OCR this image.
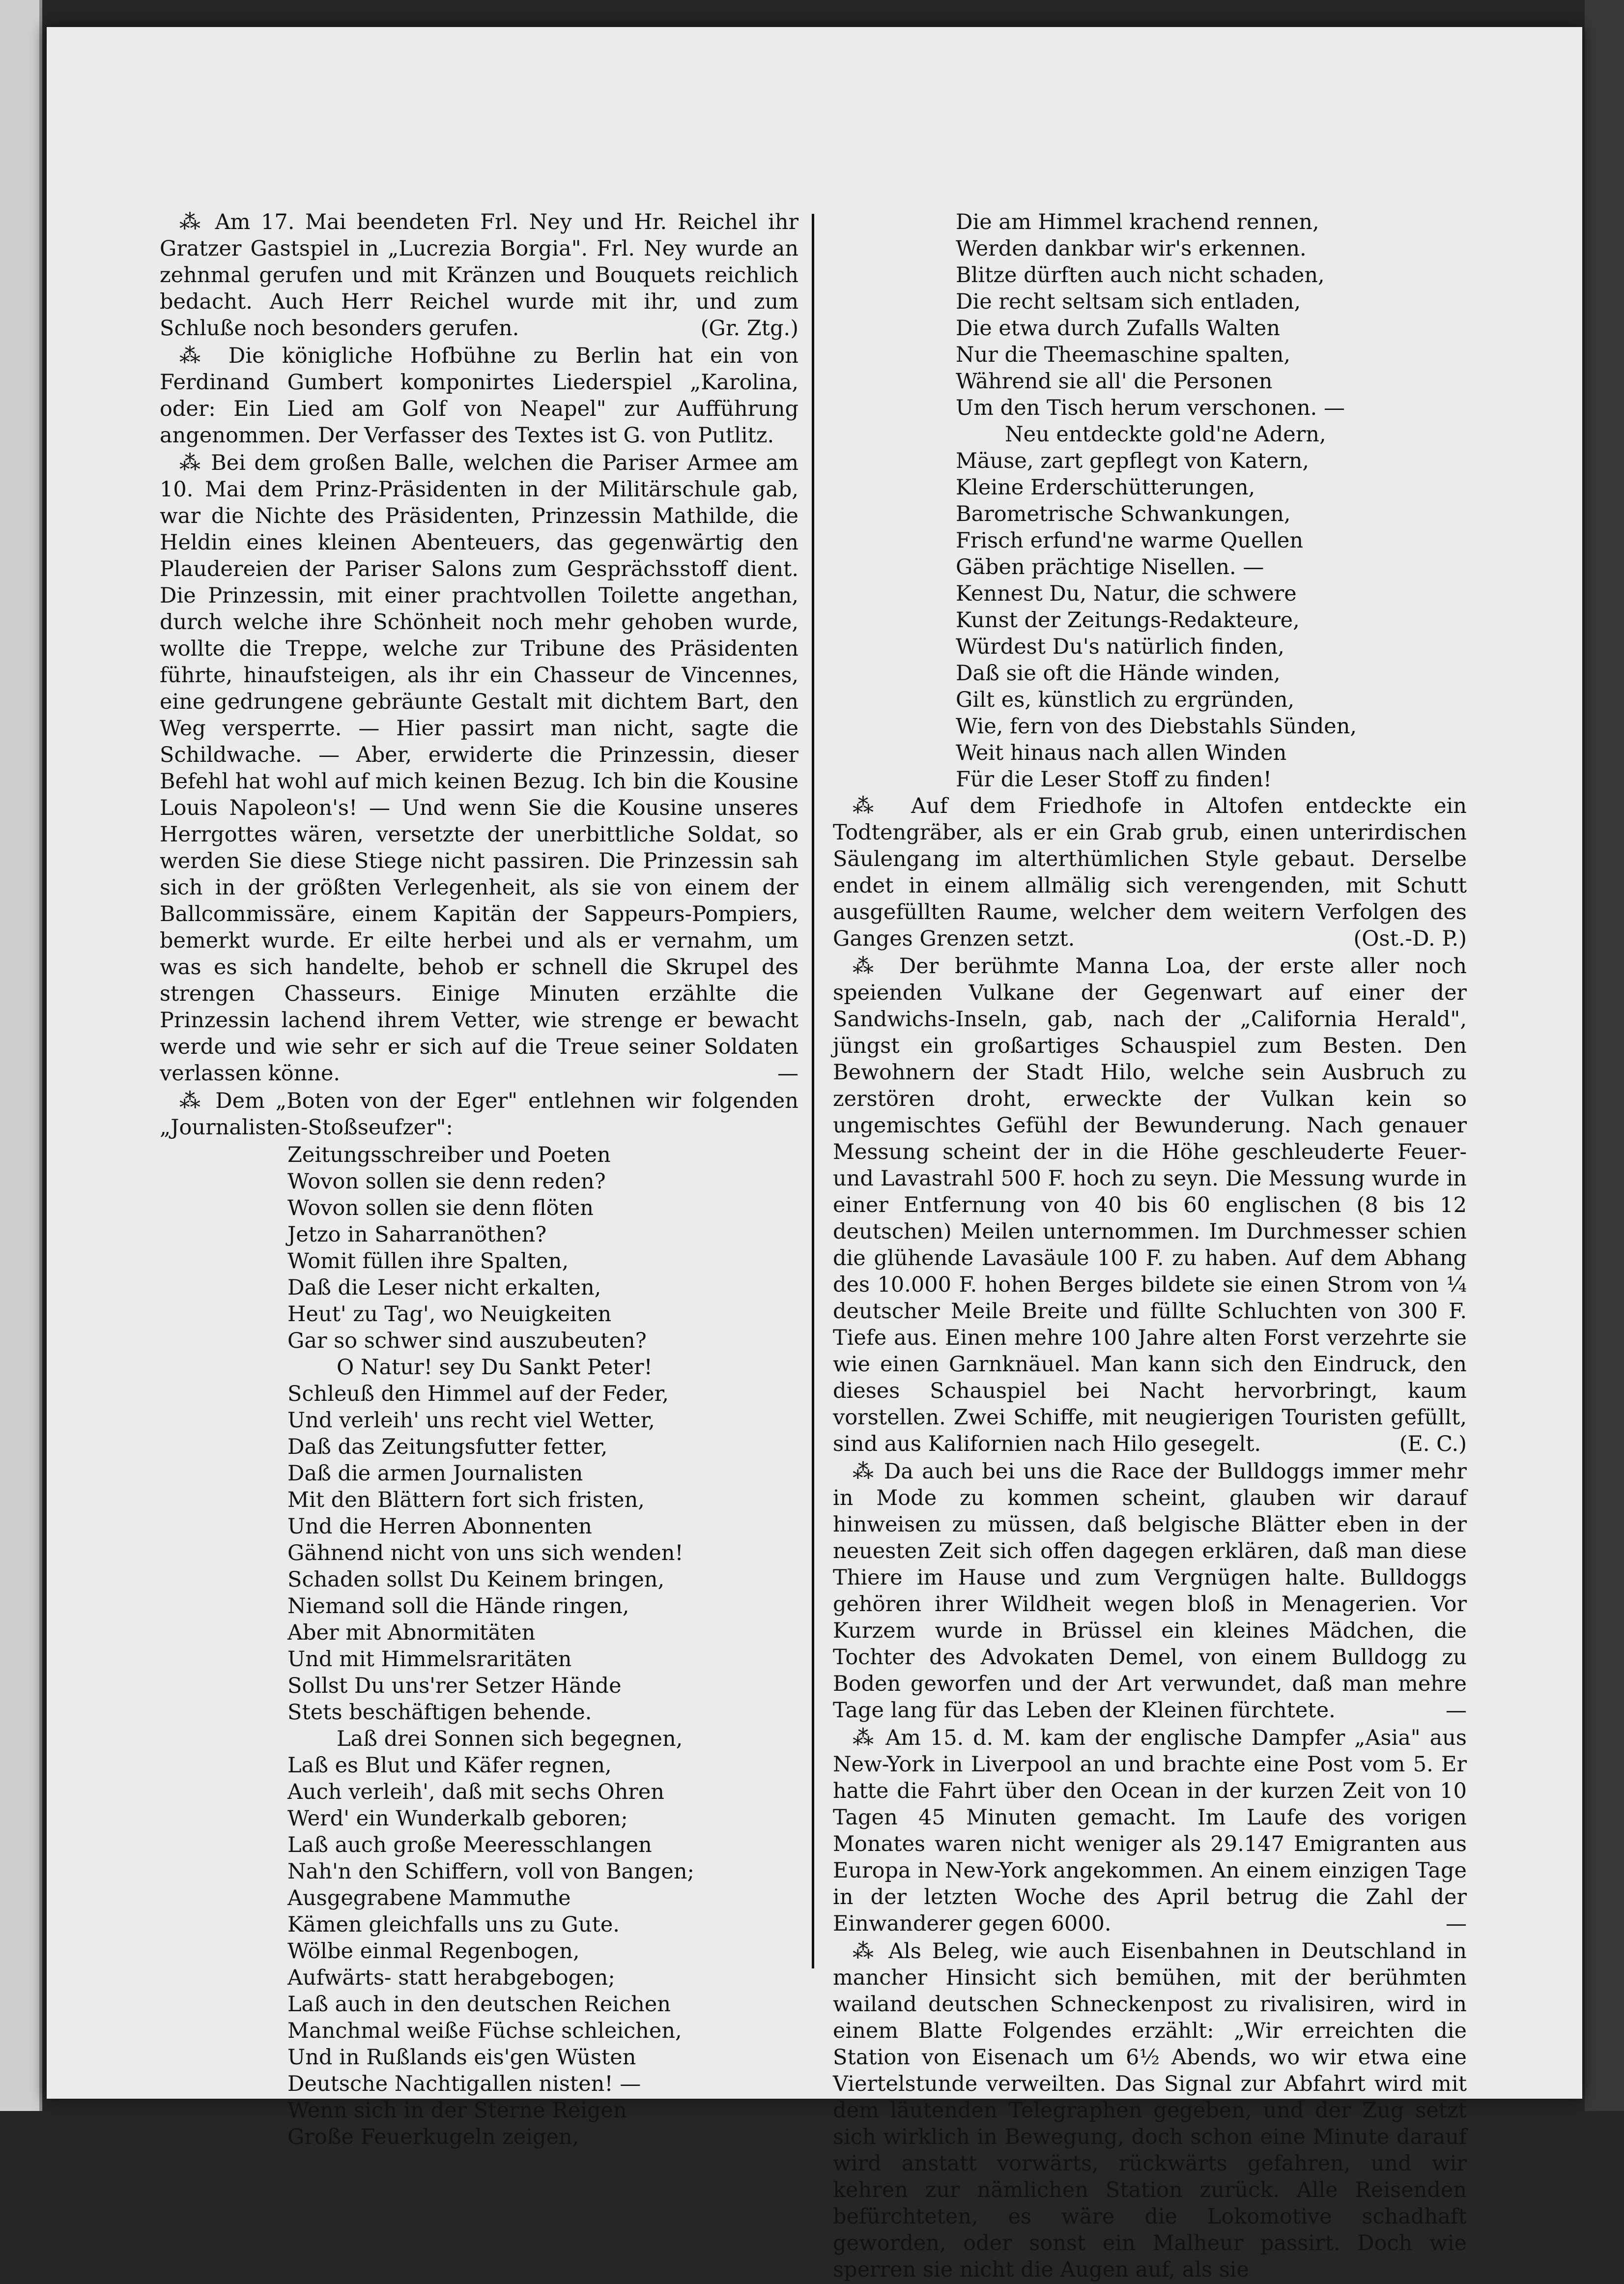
⁂ Am 17. Mai beendeten Frl. Ney und Hr. Reichel ihr Gratzer Gastspiel in „Lucrezia Borgia". Frl. Ney wurde an zehnmal gerufen und mit Kränzen und Bouquets reichlich bedacht. Auch Herr Reichel wurde mit ihr, und zum Schluße noch besonders gerufen.	(Gr. Ztg.)

⁂ Die königliche Hofbühne zu Berlin hat ein von Ferdinand Gumbert komponirtes Liederspiel „Karolina, oder: Ein Lied am Golf von Neapel" zur Aufführung angenommen. Der Verfasser des Textes ist G. von Putlitz.

⁂ Bei dem großen Balle, welchen die Pariser Armee am 10. Mai dem Prinz-Präsidenten in der Militärschule gab, war die Nichte des Präsidenten, Prinzessin Mathilde, die Heldin eines kleinen Abenteuers, das gegenwärtig den Plaudereien der Pariser Salons zum Gesprächsstoff dient. Die Prinzessin, mit einer prachtvollen Toilette angethan, durch welche ihre Schönheit noch mehr gehoben wurde, wollte die Treppe, welche zur Tribune des Präsidenten führte, hinaufsteigen, als ihr ein Chasseur de Vincennes, eine gedrungene gebräunte Gestalt mit dichtem Bart, den Weg versperrte. — Hier passirt man nicht, sagte die Schildwache. — Aber, erwiderte die Prinzessin, dieser Befehl hat wohl auf mich keinen Bezug. Ich bin die Kousine Louis Napoleon's! — Und wenn Sie die Kousine unseres Herrgottes wären, versetzte der unerbittliche Soldat, so werden Sie diese Stiege nicht passiren. Die Prinzessin sah sich in der größten Verlegenheit, als sie von einem der Ballcommissäre, einem Kapitän der Sappeurs-Pompiers, bemerkt wurde. Er eilte herbei und als er vernahm, um was es sich handelte, behob er schnell die Skrupel des strengen Chasseurs. Einige Minuten erzählte die Prinzessin lachend ihrem Vetter, wie strenge er bewacht werde und wie sehr er sich auf die Treue seiner Soldaten verlassen könne.	—

⁂ Dem „Boten von der Eger" entlehnen wir folgenden „Journalisten-Stoßseufzer":

Zeitungsschreiber und Poeten
Wovon sollen sie denn reden?
Wovon sollen sie denn flöten
Jetzo in Saharranöthen?
Womit füllen ihre Spalten,
Daß die Leser nicht erkalten,
Heut' zu Tag', wo Neuigkeiten
Gar so schwer sind auszubeuten?
O Natur! sey Du Sankt Peter!
Schleuß den Himmel auf der Feder,
Und verleih' uns recht viel Wetter,
Daß das Zeitungsfutter fetter,
Daß die armen Journalisten
Mit den Blättern fort sich fristen,
Und die Herren Abonnenten
Gähnend nicht von uns sich wenden!
Schaden sollst Du Keinem bringen,
Niemand soll die Hände ringen,
Aber mit Abnormitäten
Und mit Himmelsraritäten
Sollst Du uns'rer Setzer Hände
Stets beschäftigen behende.
Laß drei Sonnen sich begegnen,
Laß es Blut und Käfer regnen,
Auch verleih', daß mit sechs Ohren
Werd' ein Wunderkalb geboren;
Laß auch große Meeresschlangen
Nah'n den Schiffern, voll von Bangen;
Ausgegrabene Mammuthe
Kämen gleichfalls uns zu Gute.
Wölbe einmal Regenbogen,
Aufwärts- statt herabgebogen;
Laß auch in den deutschen Reichen
Manchmal weiße Füchse schleichen,
Und in Rußlands eis'gen Wüsten
Deutsche Nachtigallen nisten! —
Wenn sich in der Sterne Reigen
Große Feuerkugeln zeigen,
Die am Himmel krachend rennen,
Werden dankbar wir's erkennen.
Blitze dürften auch nicht schaden,
Die recht seltsam sich entladen,
Die etwa durch Zufalls Walten
Nur die Theemaschine spalten,
Während sie all' die Personen
Um den Tisch herum verschonen. —
Neu entdeckte gold'ne Adern,
Mäuse, zart gepflegt von Katern,
Kleine Erderschütterungen,
Barometrische Schwankungen,
Frisch erfund'ne warme Quellen
Gäben prächtige Nisellen. —
Kennest Du, Natur, die schwere
Kunst der Zeitungs-Redakteure,
Würdest Du's natürlich finden,
Daß sie oft die Hände winden,
Gilt es, künstlich zu ergründen,
Wie, fern von des Diebstahls Sünden,
Weit hinaus nach allen Winden
Für die Leser Stoff zu finden!

⁂ Auf dem Friedhofe in Altofen entdeckte ein Todtengräber, als er ein Grab grub, einen unterirdischen Säulengang im alterthümlichen Style gebaut. Derselbe endet in einem allmälig sich verengenden, mit Schutt ausgefüllten Raume, welcher dem weitern Verfolgen des Ganges Grenzen setzt.	(Ost.-D. P.)

⁂ Der berühmte Manna Loa, der erste aller noch speienden Vulkane der Gegenwart auf einer der Sandwichs-Inseln, gab, nach der „California Herald", jüngst ein großartiges Schauspiel zum Besten. Den Bewohnern der Stadt Hilo, welche sein Ausbruch zu zerstören droht, erweckte der Vulkan kein so ungemischtes Gefühl der Bewunderung. Nach genauer Messung scheint der in die Höhe geschleuderte Feuer- und Lavastrahl 500 F. hoch zu seyn. Die Messung wurde in einer Entfernung von 40 bis 60 englischen (8 bis 12 deutschen) Meilen unternommen. Im Durchmesser schien die glühende Lavasäule 100 F. zu haben. Auf dem Abhang des 10.000 F. hohen Berges bildete sie einen Strom von ¼ deutscher Meile Breite und füllte Schluchten von 300 F. Tiefe aus. Einen mehre 100 Jahre alten Forst verzehrte sie wie einen Garnknäuel. Man kann sich den Eindruck, den dieses Schauspiel bei Nacht hervorbringt, kaum vorstellen. Zwei Schiffe, mit neugierigen Touristen gefüllt, sind aus Kalifornien nach Hilo gesegelt.	(E. C.)

⁂ Da auch bei uns die Race der Bulldoggs immer mehr in Mode zu kommen scheint, glauben wir darauf hinweisen zu müssen, daß belgische Blätter eben in der neuesten Zeit sich offen dagegen erklären, daß man diese Thiere im Hause und zum Vergnügen halte. Bulldoggs gehören ihrer Wildheit wegen bloß in Menagerien. Vor Kurzem wurde in Brüssel ein kleines Mädchen, die Tochter des Advokaten Demel, von einem Bulldogg zu Boden geworfen und der Art verwundet, daß man mehre Tage lang für das Leben der Kleinen fürchtete.	—

⁂ Am 15. d. M. kam der englische Dampfer „Asia" aus New-York in Liverpool an und brachte eine Post vom 5. Er hatte die Fahrt über den Ocean in der kurzen Zeit von 10 Tagen 45 Minuten gemacht. Im Laufe des vorigen Monates waren nicht weniger als 29.147 Emigranten aus Europa in New-York angekommen. An einem einzigen Tage in der letzten Woche des April betrug die Zahl der Einwanderer gegen 6000.	—

⁂ Als Beleg, wie auch Eisenbahnen in Deutschland in mancher Hinsicht sich bemühen, mit der berühmten wailand deutschen Schneckenpost zu rivalisiren, wird in einem Blatte Folgendes erzählt: „Wir erreichten die Station von Eisenach um 6½ Abends, wo wir etwa eine Viertelstunde verweilten. Das Signal zur Abfahrt wird mit dem läutenden Telegraphen gegeben, und der Zug setzt sich wirklich in Bewegung, doch schon eine Minute darauf wird anstatt vorwärts, rückwärts gefahren, und wir kehren zur nämlichen Station zurück. Alle Reisenden befürchteten, es wäre die Lokomotive schadhaft geworden, oder sonst ein Malheur passirt. Doch wie sperren sie nicht die Augen auf, als sie
